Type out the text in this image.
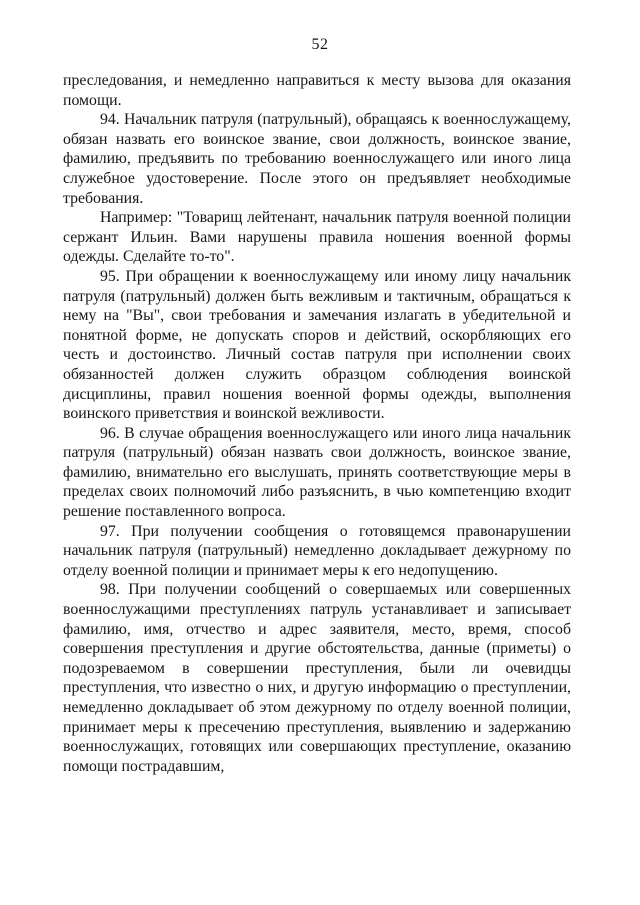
52

преследования, и немедленно направиться к месту вызова для оказания помощи.

94. Начальник патруля (патрульный), обращаясь к военнослужащему, обязан назвать его воинское звание, свои должность, воинское звание, фамилию, предъявить по требованию военнослужащего или иного лица служебное удостоверение. После этого он предъявляет необходимые требования.

Например: "Товарищ лейтенант, начальник патруля военной полиции сержант Ильин. Вами нарушены правила ношения военной формы одежды. Сделайте то-то".

95. При обращении к военнослужащему или иному лицу начальник патруля (патрульный) должен быть вежливым и тактичным, обращаться к нему на "Вы", свои требования и замечания излагать в убедительной и понятной форме, не допускать споров и действий, оскорбляющих его честь и достоинство. Личный состав патруля при исполнении своих обязанностей должен служить образцом соблюдения воинской дисциплины, правил ношения военной формы одежды, выполнения воинского приветствия и воинской вежливости.

96. В случае обращения военнослужащего или иного лица начальник патруля (патрульный) обязан назвать свои должность, воинское звание, фамилию, внимательно его выслушать, принять соответствующие меры в пределах своих полномочий либо разъяснить, в чью компетенцию входит решение поставленного вопроса.

97. При получении сообщения о готовящемся правонарушении начальник патруля (патрульный) немедленно докладывает дежурному по отделу военной полиции и принимает меры к его недопущению.

98. При получении сообщений о совершаемых или совершенных военнослужащими преступлениях патруль устанавливает и записывает фамилию, имя, отчество и адрес заявителя, место, время, способ совершения преступления и другие обстоятельства, данные (приметы) о подозреваемом в совершении преступления, были ли очевидцы преступления, что известно о них, и другую информацию о преступлении, немедленно докладывает об этом дежурному по отделу военной полиции, принимает меры к пресечению преступления, выявлению и задержанию военнослужащих, готовящих или совершающих преступление, оказанию помощи пострадавшим,
